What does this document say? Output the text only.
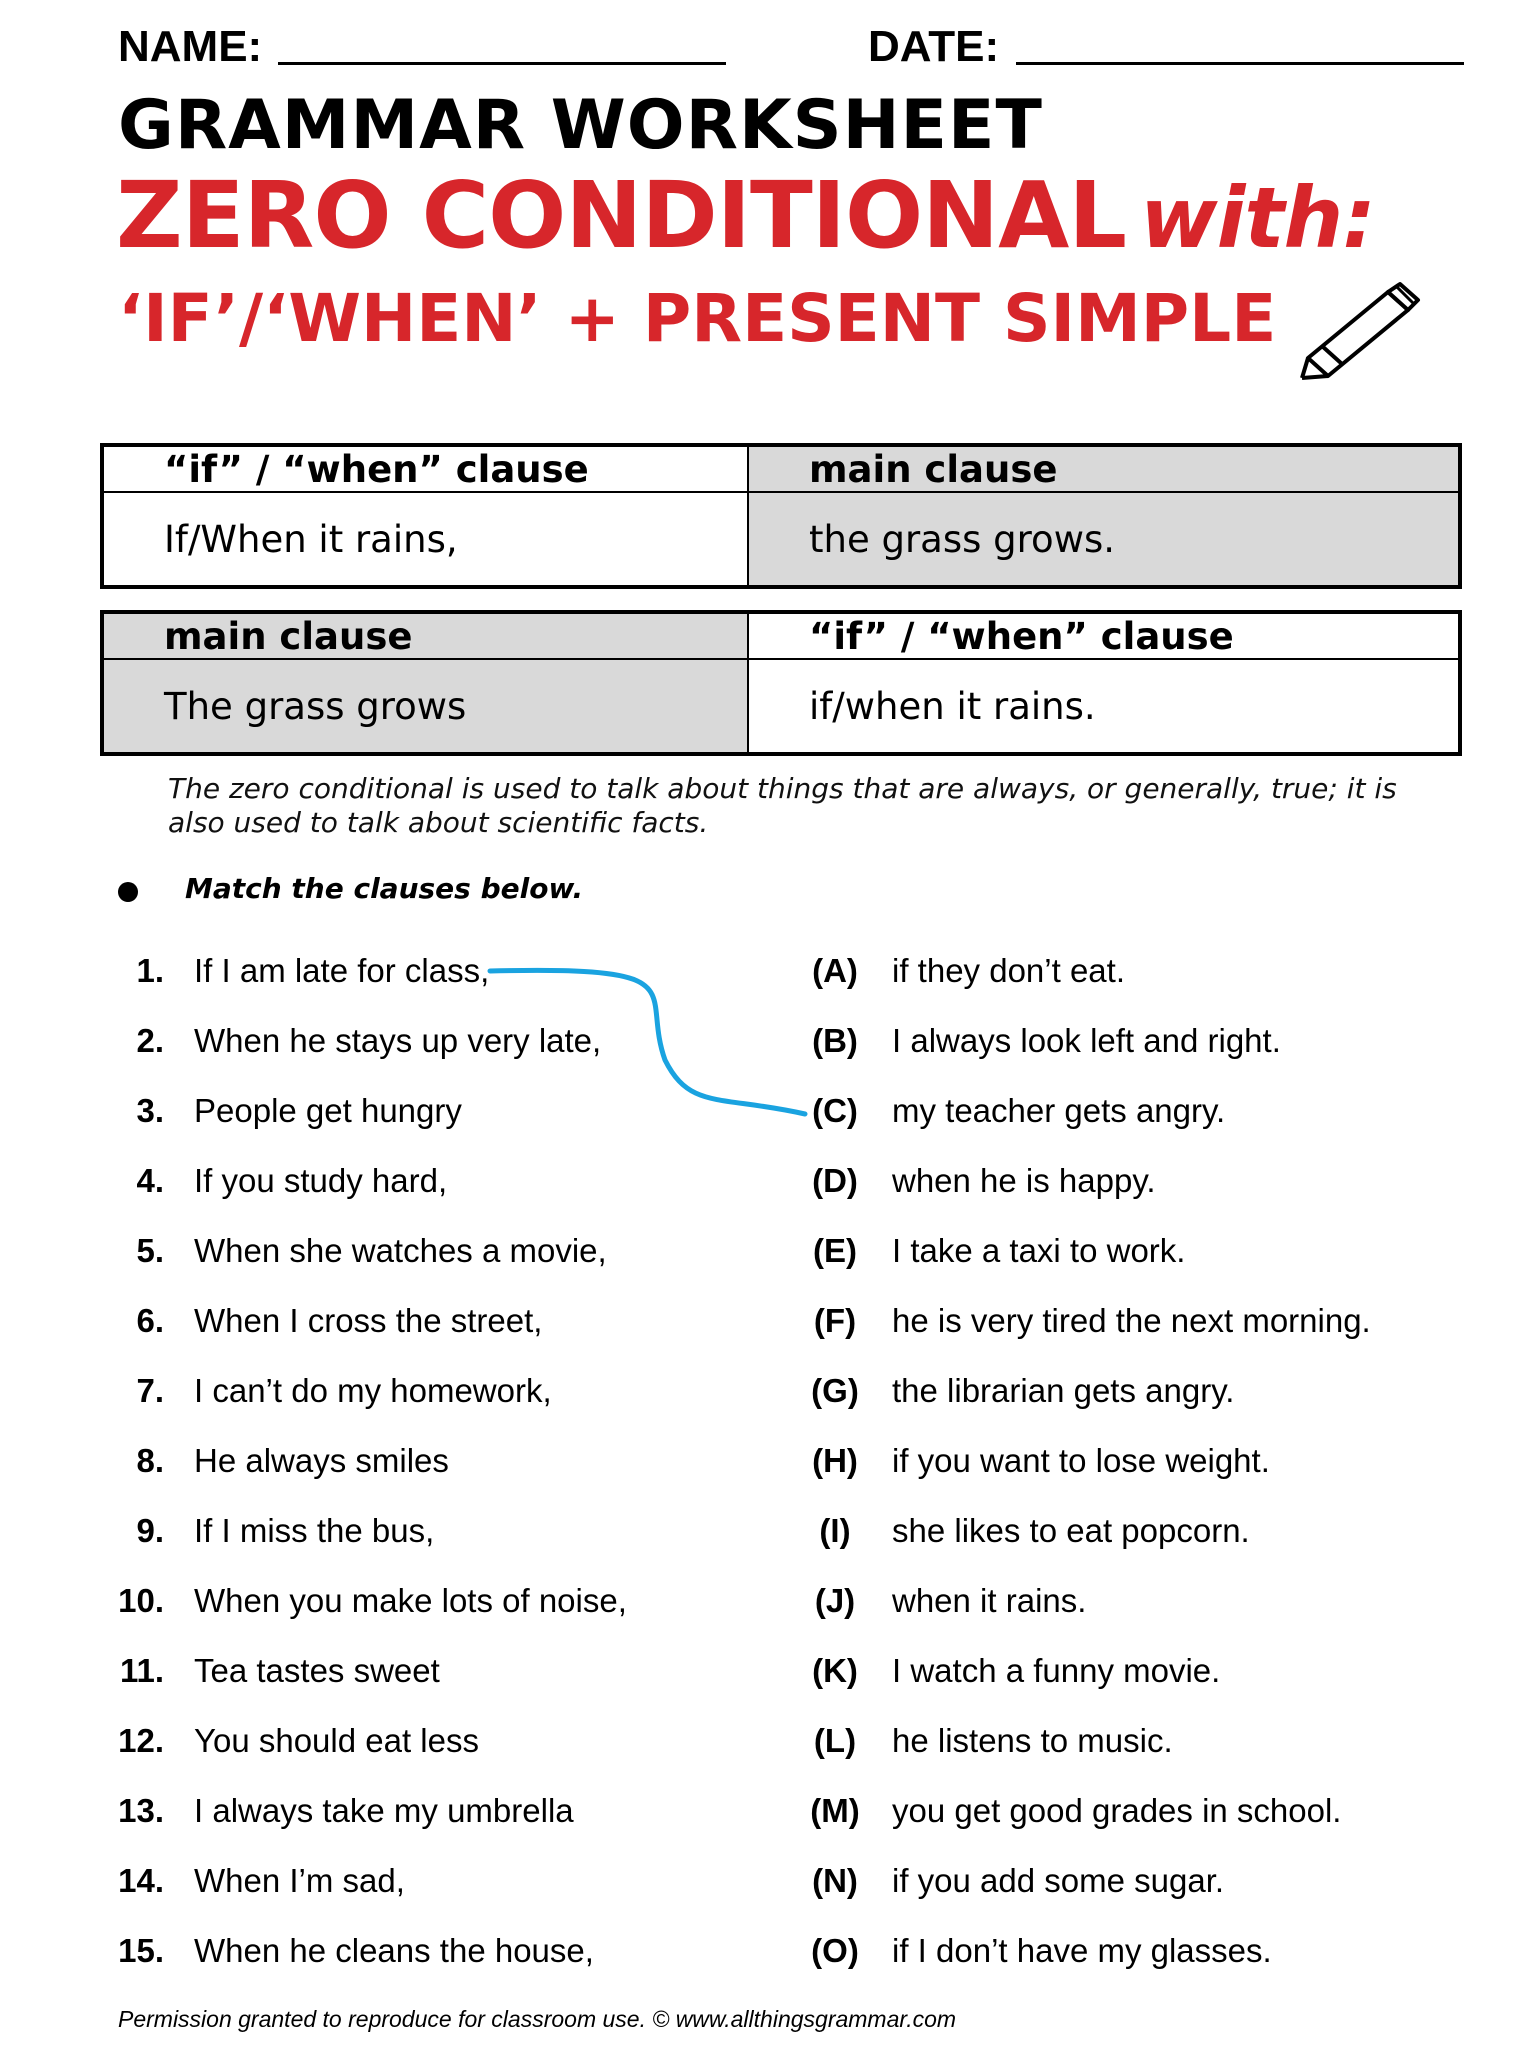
NAME:	DATE:
GRAMMAR WORKSHEET
ZERO CONDITIONAL with:
‘IF’/‘WHEN’ + PRESENT SIMPLE
“if” / “when” clause	main clause
If/When it rains,	the grass grows.
main clause	“if” / “when” clause
The grass grows	if/when it rains.
The zero conditional is used to talk about things that are always, or generally, true; it is also used to talk about scientific facts.
Match the clauses below.
1. If I am late for class,
2. When he stays up very late,
3. People get hungry
4. If you study hard,
5. When she watches a movie,
6. When I cross the street,
7. I can’t do my homework,
8. He always smiles
9. If I miss the bus,
10. When you make lots of noise,
11. Tea tastes sweet
12. You should eat less
13. I always take my umbrella
14. When I’m sad,
15. When he cleans the house,
(A)	if they don’t eat.
(B)	I always look left and right.
(C)	my teacher gets angry.
(D)	when he is happy.
(E)	I take a taxi to work.
(F)	he is very tired the next morning.
(G)	the librarian gets angry.
(H)	if you want to lose weight.
(I)	she likes to eat popcorn.
(J)	when it rains.
(K)	I watch a funny movie.
(L)	he listens to music.
(M) you get good grades in school.
(N)	if you add some sugar.
(O)	if I don’t have my glasses.
Permission granted to reproduce for classroom use. © www.allthingsgrammar.com
